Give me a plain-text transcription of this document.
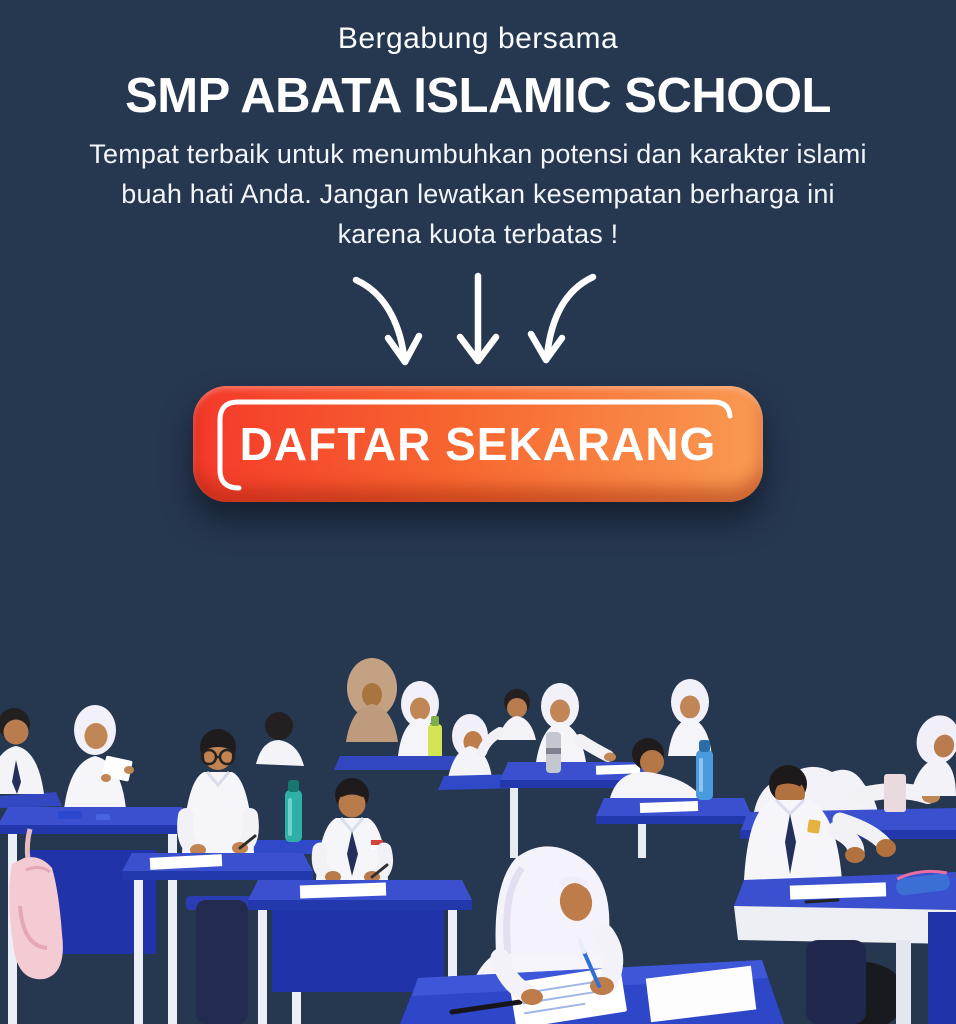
Bergabung bersama
SMP ABATA ISLAMIC SCHOOL
Tempat terbaik untuk menumbuhkan potensi dan karakter islami
buah hati Anda. Jangan lewatkan kesempatan berharga ini
karena kuota terbatas !
DAFTAR SEKARANG
